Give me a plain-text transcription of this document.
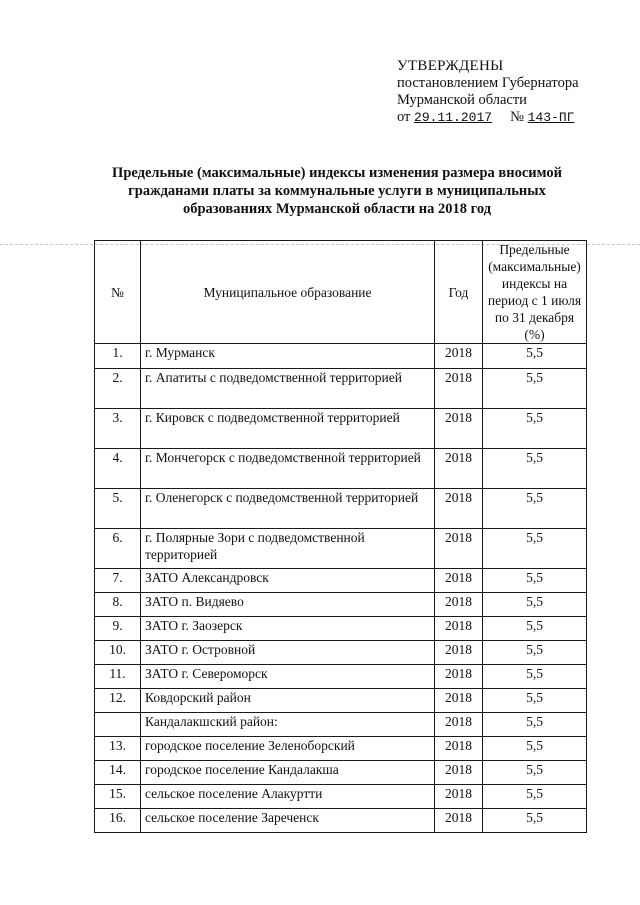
УТВЕРЖДЕНЫ
постановлением Губернатора
Мурманской области
от 29.11.2017 № 143-ПГ
Предельные (максимальные) индексы изменения размера вносимой гражданами платы за коммунальные услуги в муниципальных образованиях Мурманской области на 2018 год
№	Муниципальное образование	Год	Предельные (максимальные) индексы на период с 1 июля по 31 декабря (%)
1.	г. Мурманск	2018	5,5
2.	г. Апатиты с подведомственной территорией	2018	5,5
3.	г. Кировск с подведомственной территорией	2018	5,5
4.	г. Мончегорск с подведомственной территорией	2018	5,5
5.	г. Оленегорск с подведомственной территорией	2018	5,5
6.	г. Полярные Зори с подведомственной территорией	2018	5,5
7.	ЗАТО Александровск	2018	5,5
8.	ЗАТО п. Видяево	2018	5,5
9.	ЗАТО г. Заозерск	2018	5,5
10.	ЗАТО г. Островной	2018	5,5
11.	ЗАТО г. Североморск	2018	5,5
12.	Ковдорский район	2018	5,5
	Кандалакшский район:	2018	5,5
13.	городское поселение Зеленоборский	2018	5,5
14.	городское поселение Кандалакша	2018	5,5
15.	сельское поселение Алакуртти	2018	5,5
16.	сельское поселение Зареченск	2018	5,5
